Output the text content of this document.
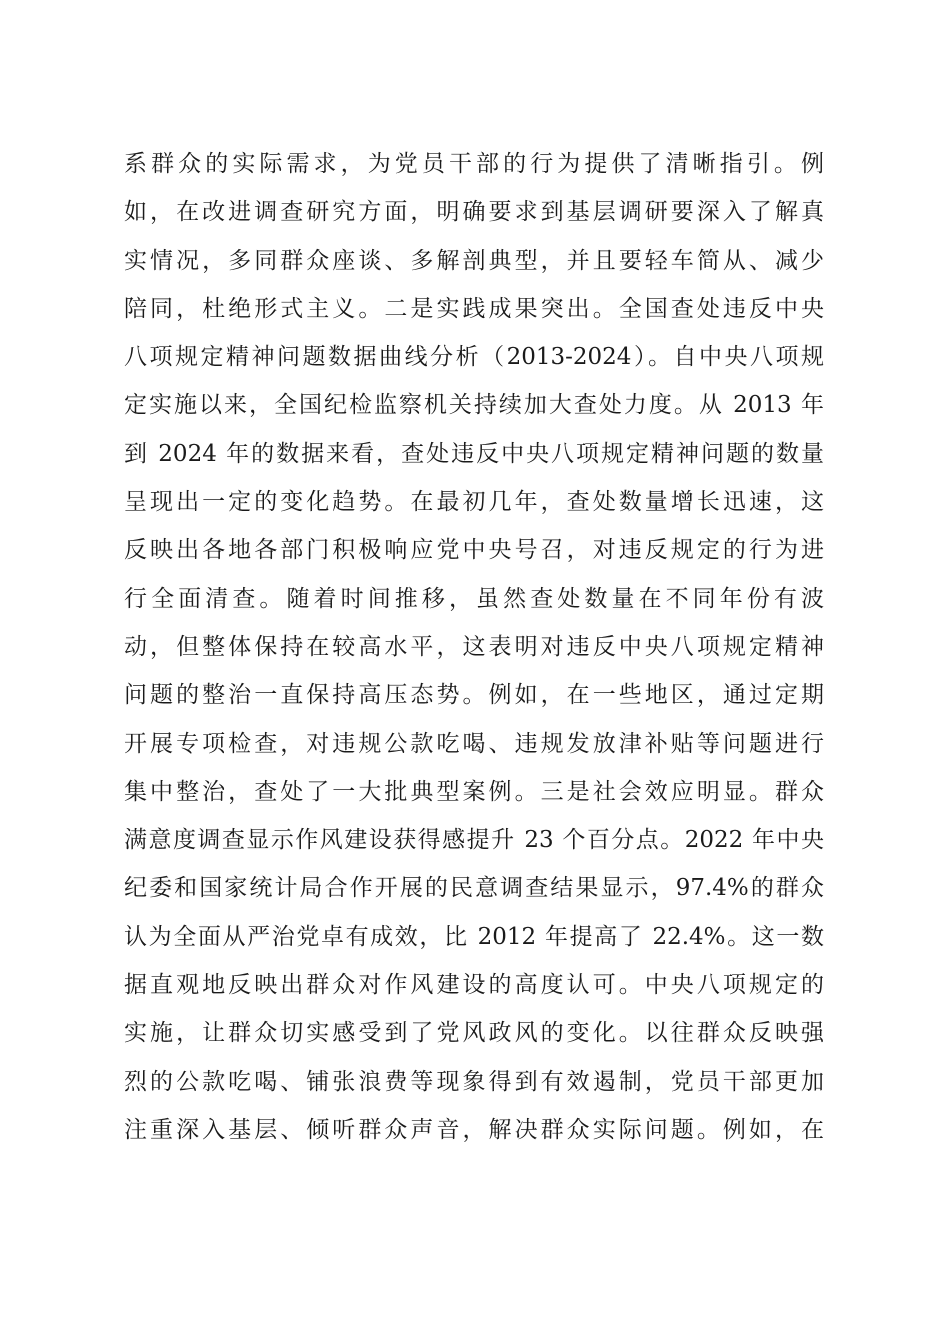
系群众的实际需求，为党员干部的行为提供了清晰指引。例
如，在改进调查研究方面，明确要求到基层调研要深入了解真
实情况，多同群众座谈、多解剖典型，并且要轻车简从、减少
陪同，杜绝形式主义。二是实践成果突出。全国查处违反中央
八项规定精神问题数据曲线分析（2013-2024）。自中央八项规
定实施以来，全国纪检监察机关持续加大查处力度。从 2013 年
到 2024 年的数据来看，查处违反中央八项规定精神问题的数量
呈现出一定的变化趋势。在最初几年，查处数量增长迅速，这
反映出各地各部门积极响应党中央号召，对违反规定的行为进
行全面清查。随着时间推移，虽然查处数量在不同年份有波
动，但整体保持在较高水平，这表明对违反中央八项规定精神
问题的整治一直保持高压态势。例如，在一些地区，通过定期
开展专项检查，对违规公款吃喝、违规发放津补贴等问题进行
集中整治，查处了一大批典型案例。三是社会效应明显。群众
满意度调查显示作风建设获得感提升 23 个百分点。2022 年中央
纪委和国家统计局合作开展的民意调查结果显示，97.4%的群众
认为全面从严治党卓有成效，比 2012 年提高了 22.4%。这一数
据直观地反映出群众对作风建设的高度认可。中央八项规定的
实施，让群众切实感受到了党风政风的变化。以往群众反映强
烈的公款吃喝、铺张浪费等现象得到有效遏制，党员干部更加
注重深入基层、倾听群众声音，解决群众实际问题。例如，在
